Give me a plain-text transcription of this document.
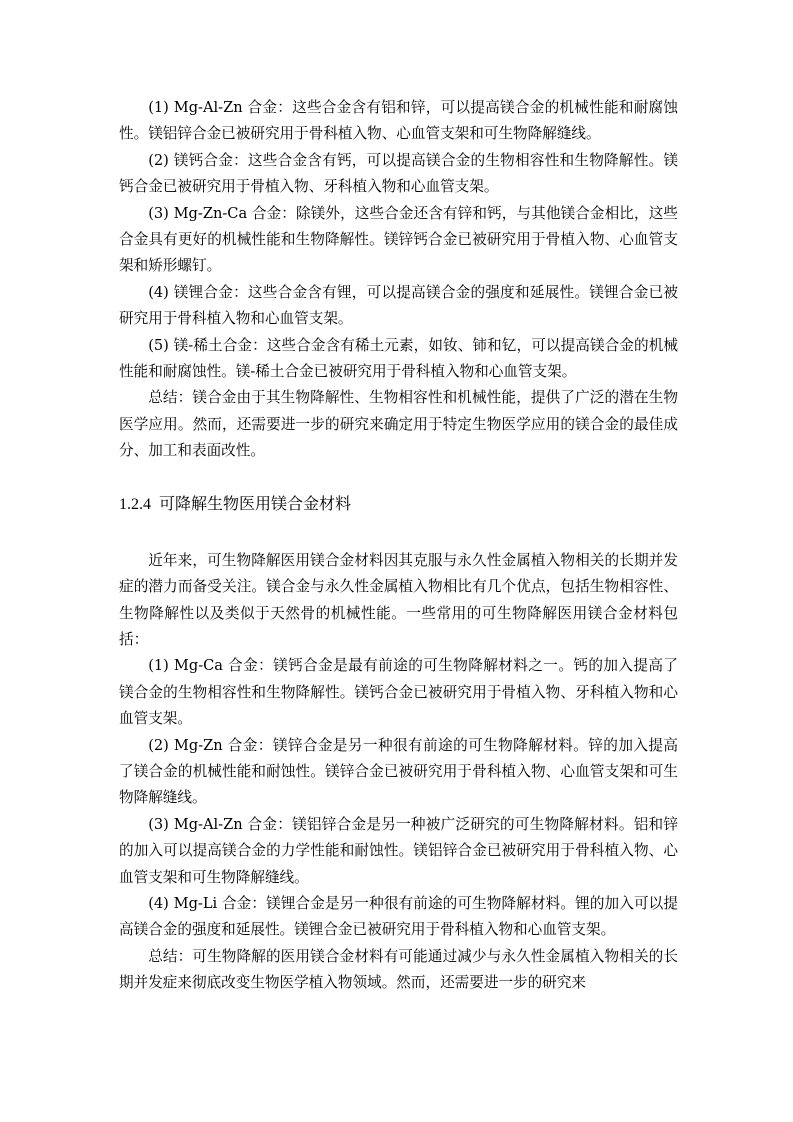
(1) Mg-Al-Zn 合金：这些合金含有铝和锌，可以提高镁合金的机械性能和耐腐蚀性。镁铝锌合金已被研究用于骨科植入物、心血管支架和可生物降解缝线。

(2) 镁钙合金：这些合金含有钙，可以提高镁合金的生物相容性和生物降解性。镁钙合金已被研究用于骨植入物、牙科植入物和心血管支架。

(3) Mg-Zn-Ca 合金：除镁外，这些合金还含有锌和钙，与其他镁合金相比，这些合金具有更好的机械性能和生物降解性。镁锌钙合金已被研究用于骨植入物、心血管支架和矫形螺钉。

(4) 镁锂合金：这些合金含有锂，可以提高镁合金的强度和延展性。镁锂合金已被研究用于骨科植入物和心血管支架。

(5) 镁-稀土合金：这些合金含有稀土元素，如钕、铈和钇，可以提高镁合金的机械性能和耐腐蚀性。镁-稀土合金已被研究用于骨科植入物和心血管支架。

总结：镁合金由于其生物降解性、生物相容性和机械性能，提供了广泛的潜在生物医学应用。然而，还需要进一步的研究来确定用于特定生物医学应用的镁合金的最佳成分、加工和表面改性。

1.2.4 可降解生物医用镁合金材料

近年来，可生物降解医用镁合金材料因其克服与永久性金属植入物相关的长期并发症的潜力而备受关注。镁合金与永久性金属植入物相比有几个优点，包括生物相容性、生物降解性以及类似于天然骨的机械性能。一些常用的可生物降解医用镁合金材料包括：

(1) Mg-Ca 合金：镁钙合金是最有前途的可生物降解材料之一。钙的加入提高了镁合金的生物相容性和生物降解性。镁钙合金已被研究用于骨植入物、牙科植入物和心血管支架。

(2) Mg-Zn 合金：镁锌合金是另一种很有前途的可生物降解材料。锌的加入提高了镁合金的机械性能和耐蚀性。镁锌合金已被研究用于骨科植入物、心血管支架和可生物降解缝线。

(3) Mg-Al-Zn 合金：镁铝锌合金是另一种被广泛研究的可生物降解材料。铝和锌的加入可以提高镁合金的力学性能和耐蚀性。镁铝锌合金已被研究用于骨科植入物、心血管支架和可生物降解缝线。

(4) Mg-Li 合金：镁锂合金是另一种很有前途的可生物降解材料。锂的加入可以提高镁合金的强度和延展性。镁锂合金已被研究用于骨科植入物和心血管支架。

总结：可生物降解的医用镁合金材料有可能通过减少与永久性金属植入物相关的长期并发症来彻底改变生物医学植入物领域。然而，还需要进一步的研究来
